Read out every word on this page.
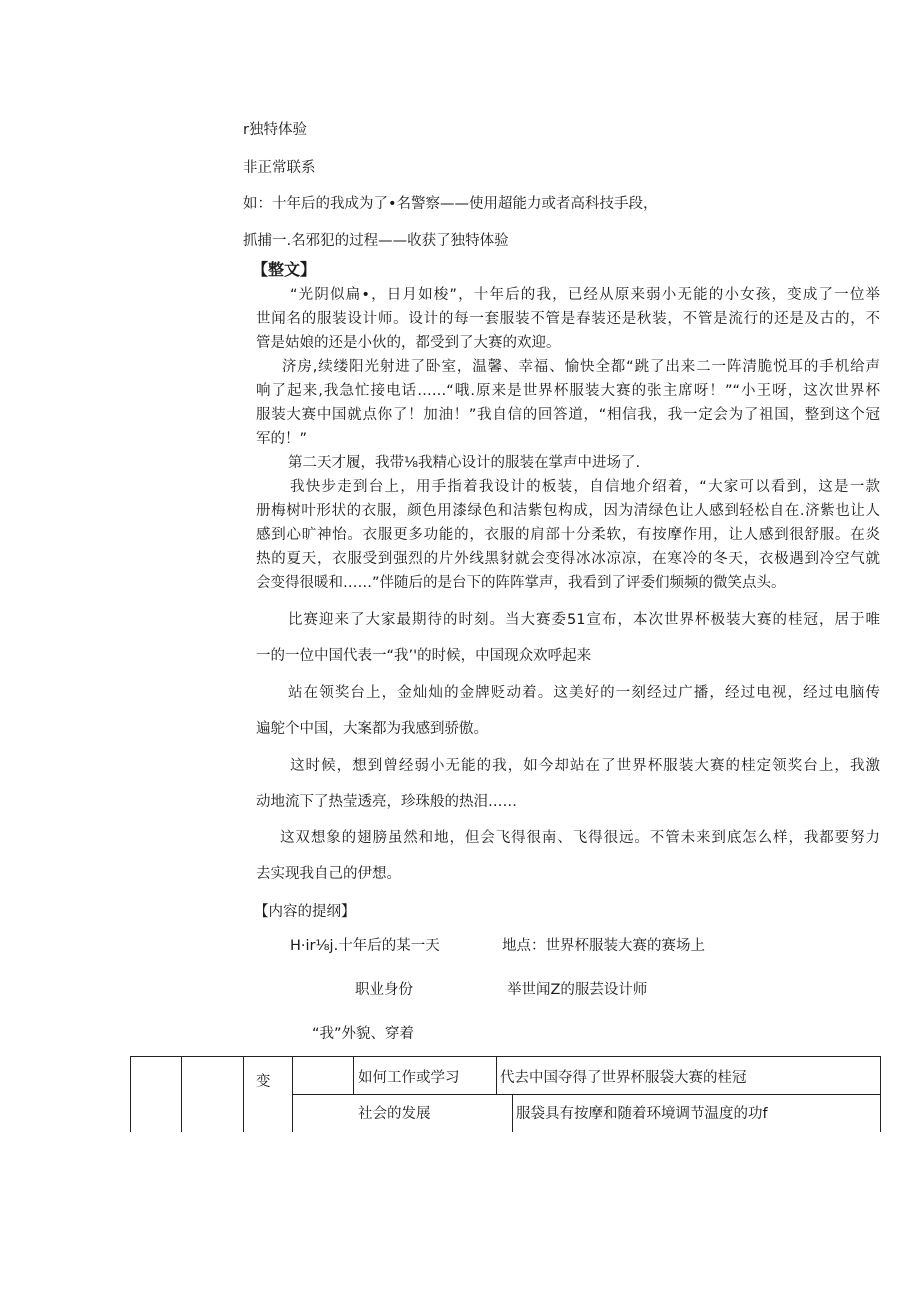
r独特体验
非正常联系
如：十年后的我成为了•名警察——使用超能力或者高科技手段，
抓捕一.名邪犯的过程——收获了独特体验
【整文】
“光阴似扁•，日月如梭”，十年后的我，已经从原来弱小无能的小女孩，变成了一位举
世闻名的服装设计师。设计的每一套服装不管是春装还是秋装，不管是流行的还是及古的，不
管是姑娘的还是小伙的，都受到了大赛的欢迎。
济房,续缕阳光射进了卧室，温馨、幸福、愉快全都“跳了出来二一阵清脆悦耳的手机给声
响了起来,我急忙接电话……“哦.原来是世界杯服装大赛的张主席呀！”“小王呀，这次世界杯
服装大赛中国就点你了！加油！”我自信的回答道，“相信我，我一定会为了祖国，整到这个冠
军的！”
第二天才履，我带⅛我精心设计的服装在掌声中进场了.
我快步走到台上，用手指着我设计的板装，自信地介绍着，“大家可以看到，这是一款
册梅树叶形状的衣服，颜色用漆绿色和洁紫包构成，因为清绿色让人感到轻松自在.济紫也让人
感到心旷神怡。衣服更多功能的，衣服的肩部十分柔软，有按摩作用，让人感到很舒服。在炎
热的夏天，衣服受到强烈的片外线黑豺就会变得冰冰凉凉，在寒冷的冬天，衣极遇到冷空气就
会变得很暖和……”伴随后的是台下的阵阵掌声，我看到了评委们频频的微笑点头。
比赛迎来了大家最期待的时刻。当大赛委51宣布，本次世界杯极装大赛的桂冠，居于唯
一的一位中国代表一“我’'的时候，中国现众欢呼起来
站在领奖台上，金灿灿的金牌贬动着。这美好的一刻经过广播，经过电视，经过电脑传
遍鸵个中国，大案都为我感到骄傲。
这时候，想到曾经弱小无能的我，如今却站在了世界杯服装大赛的桂定领奖台上，我激
动地流下了热莹透亮，珍珠般的热泪……
这双想象的翅膀虽然和地，但会飞得很南、飞得很远。不管未来到底怎么样，我都要努力
去实现我自己的伊想。
【内容的提纲】
H·ir⅛j.十年后的某一天	地点：世界杯服装大赛的赛场上
职业身份	举世闻Z的服芸设计师
“我”外貌、穿着
变	如何工作或学习	代去中国夺得了世界杯服袋大赛的桂冠
社会的发展	服袋具有按摩和随着环境调节温度的功f
